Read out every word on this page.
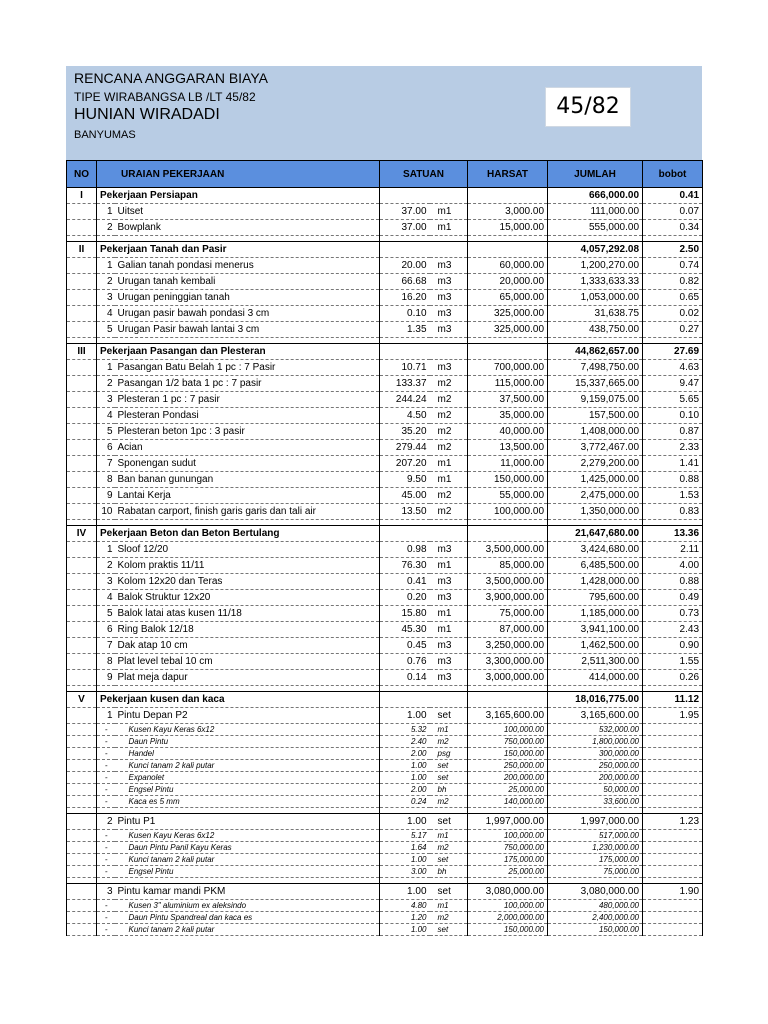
RENCANA ANGGARAN BIAYA
TIPE WIRABANGSA LB /LT 45/82
HUNIAN WIRADADI
BANYUMAS
45/82
NO	URAIAN PEKERJAAN		SATUAN		HARSAT	JUMLAH	bobot
I	Pekerjaan Persiapan					666,000.00	0.41
	1	Uitset	37.00	m1	3,000.00	111,000.00	0.07
	2	Bowplank	37.00	m1	15,000.00	555,000.00	0.34

II	Pekerjaan Tanah dan Pasir					4,057,292.08	2.50
	1	Galian tanah pondasi menerus	20.00	m3	60,000.00	1,200,270.00	0.74
	2	Urugan tanah kembali	66.68	m3	20,000.00	1,333,633.33	0.82
	3	Urugan peninggian tanah	16.20	m3	65,000.00	1,053,000.00	0.65
	4	Urugan pasir bawah pondasi 3 cm	0.10	m3	325,000.00	31,638.75	0.02
	5	Urugan Pasir bawah lantai 3 cm	1.35	m3	325,000.00	438,750.00	0.27

III	Pekerjaan Pasangan dan Plesteran					44,862,657.00	27.69
	1	Pasangan Batu Belah 1 pc : 7 Pasir	10.71	m3	700,000.00	7,498,750.00	4.63
	2	Pasangan 1/2 bata 1 pc : 7 pasir	133.37	m2	115,000.00	15,337,665.00	9.47
	3	Plesteran 1 pc : 7 pasir	244.24	m2	37,500.00	9,159,075.00	5.65
	4	Plesteran Pondasi	4.50	m2	35,000.00	157,500.00	0.10
	5	Plesteran beton 1pc : 3 pasir	35.20	m2	40,000.00	1,408,000.00	0.87
	6	Acian	279.44	m2	13,500.00	3,772,467.00	2.33
	7	Sponengan sudut	207.20	m1	11,000.00	2,279,200.00	1.41
	8	Ban banan gunungan	9.50	m1	150,000.00	1,425,000.00	0.88
	9	Lantai Kerja	45.00	m2	55,000.00	2,475,000.00	1.53
	10	Rabatan carport, finish garis garis dan tali air	13.50	m2	100,000.00	1,350,000.00	0.83

IV	Pekerjaan Beton dan Beton Bertulang					21,647,680.00	13.36
	1	Sloof 12/20	0.98	m3	3,500,000.00	3,424,680.00	2.11
	2	Kolom praktis 11/11	76.30	m1	85,000.00	6,485,500.00	4.00
	3	Kolom 12x20 dan Teras	0.41	m3	3,500,000.00	1,428,000.00	0.88
	4	Balok Struktur 12x20	0.20	m3	3,900,000.00	795,600.00	0.49
	5	Balok latai atas kusen 11/18	15.80	m1	75,000.00	1,185,000.00	0.73
	6	Ring Balok 12/18	45.30	m1	87,000.00	3,941,100.00	2.43
	7	Dak atap 10 cm	0.45	m3	3,250,000.00	1,462,500.00	0.90
	8	Plat level tebal 10 cm	0.76	m3	3,300,000.00	2,511,300.00	1.55
	9	Plat meja dapur	0.14	m3	3,000,000.00	414,000.00	0.26

V	Pekerjaan kusen dan kaca					18,016,775.00	11.12
	1	Pintu Depan P2	1.00	set	3,165,600.00	3,165,600.00	1.95
	-	Kusen Kayu Keras 6x12	5.32	m1	100,000.00	532,000.00	
	-	Daun Pintu	2.40	m2	750,000.00	1,800,000.00	
	-	Handel	2.00	psg	150,000.00	300,000.00	
	-	Kunci tanam 2 kali putar	1.00	set	250,000.00	250,000.00	
	-	Expanolet	1.00	set	200,000.00	200,000.00	
	-	Engsel Pintu	2.00	bh	25,000.00	50,000.00	
	-	Kaca es 5 mm	0.24	m2	140,000.00	33,600.00	

	2	Pintu P1	1.00	set	1,997,000.00	1,997,000.00	1.23
	-	Kusen Kayu Keras 6x12	5.17	m1	100,000.00	517,000.00	
	-	Daun Pintu Panil Kayu Keras	1.64	m2	750,000.00	1,230,000.00	
	-	Kunci tanam 2 kali putar	1.00	set	175,000.00	175,000.00	
	-	Engsel Pintu	3.00	bh	25,000.00	75,000.00	

	3	Pintu kamar mandi PKM	1.00	set	3,080,000.00	3,080,000.00	1.90
	-	Kusen 3" aluminium ex aleksindo	4.80	m1	100,000.00	480,000.00	
	-	Daun Pintu Spandreal dan kaca es	1.20	m2	2,000,000.00	2,400,000.00	
	-	Kunci tanam 2 kali putar	1.00	set	150,000.00	150,000.00	
